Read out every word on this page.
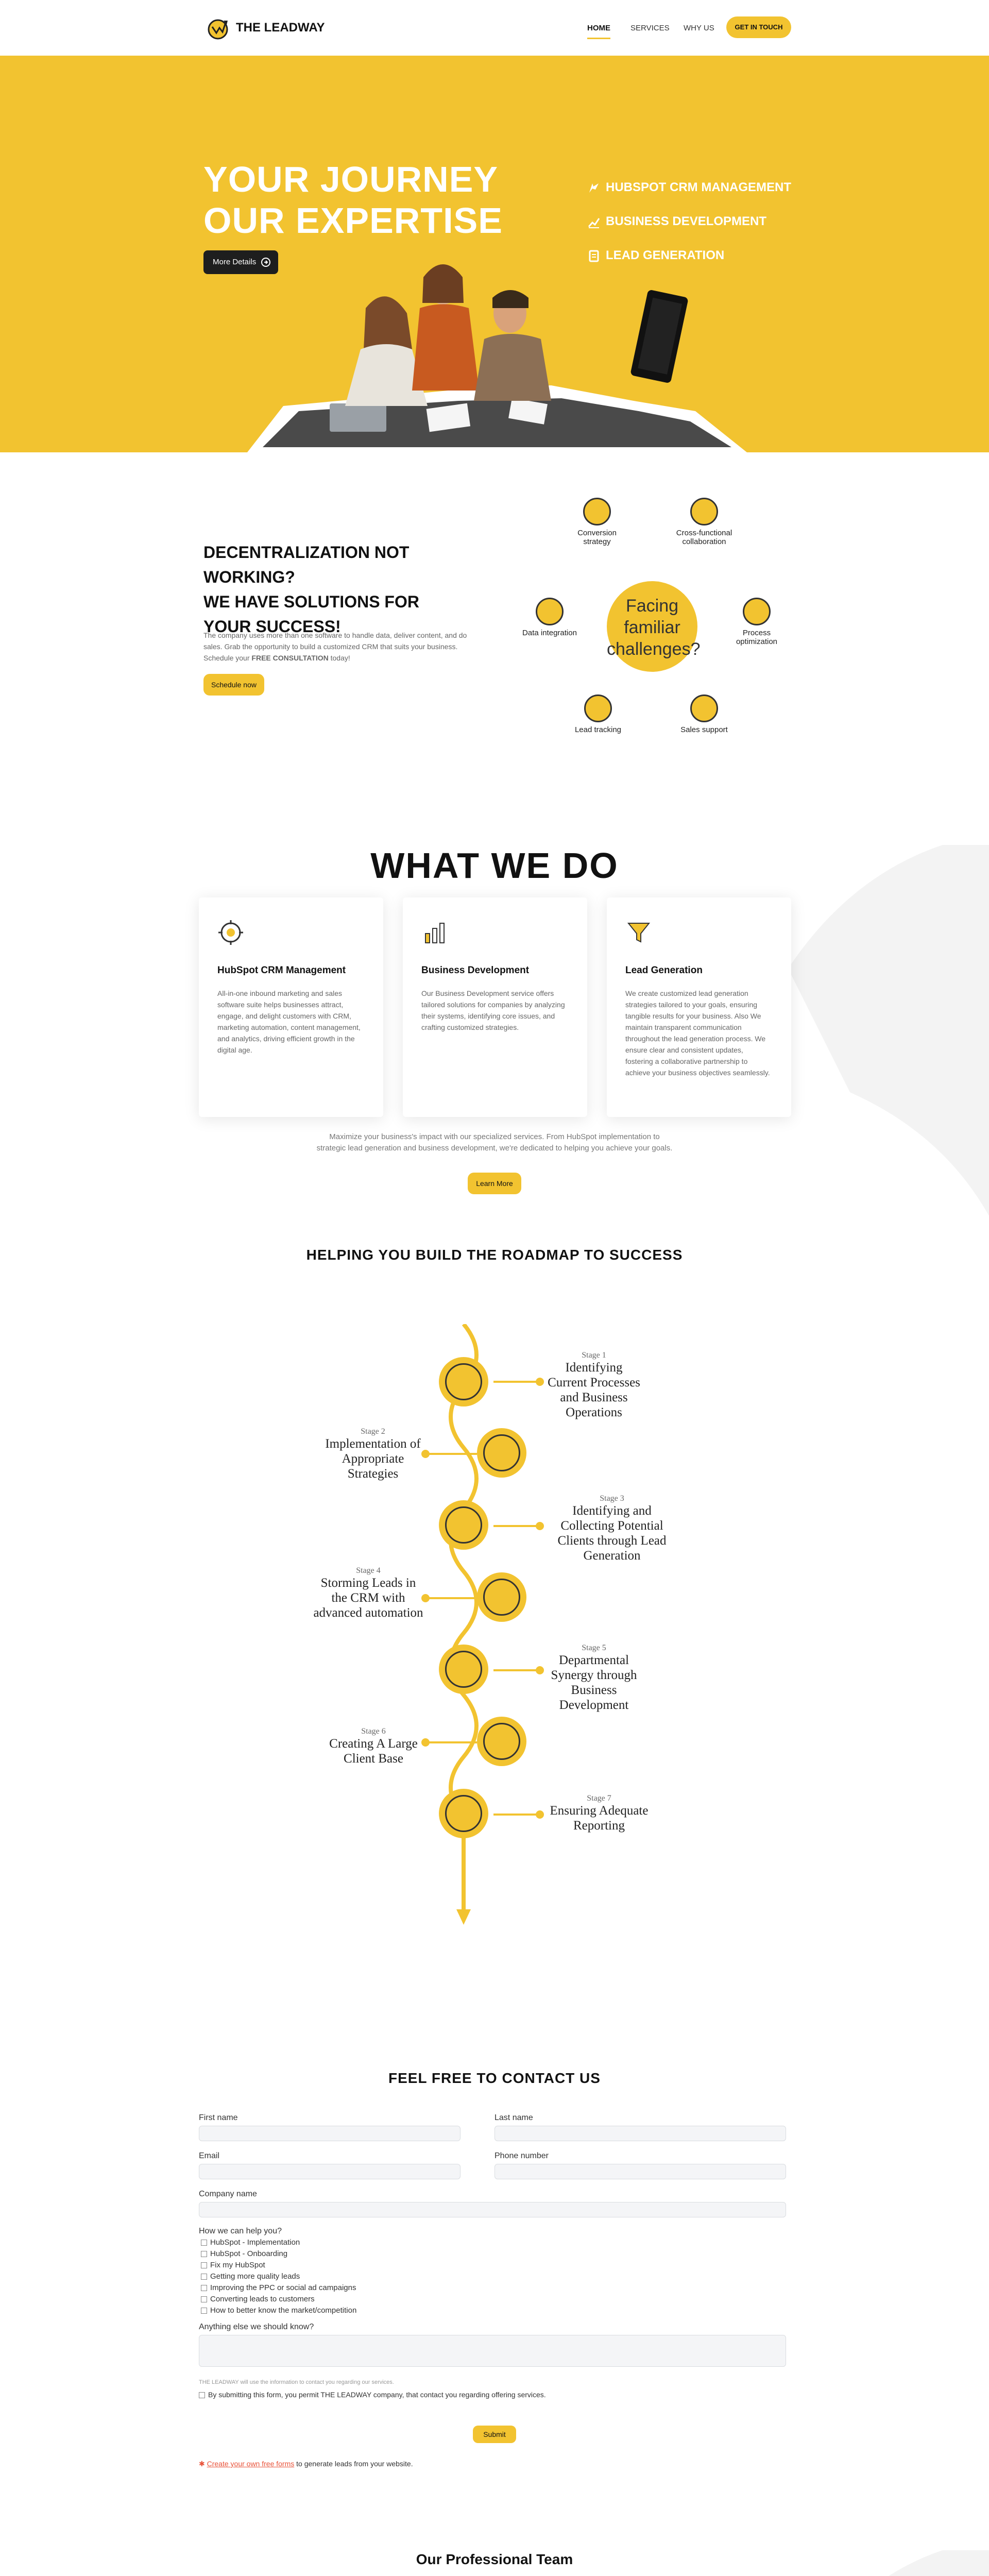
THE LEADWAY	HOME	SERVICES WHY US	GET IN TOUCH
YOUR JOURNEY
OUR EXPERTISE
More Details
HUBSPOT CRM MANAGEMENT
BUSINESS DEVELOPMENT
LEAD GENERATION
DECENTRALIZATION NOT
WORKING?
WE HAVE SOLUTIONS FOR
YOUR SUCCESS!
The company uses more than one software to handle data, deliver content, and do sales. Grab the opportunity to build a customized CRM that suits your business. Schedule your FREE CONSULTATION today!
Schedule now
Facing familiar challenges?
Conversion strategy
Cross-functional collaboration
Data integration	Process optimization
Lead tracking	Sales support
WHAT WE DO
HubSpot CRM Management

All-in-one inbound marketing and sales software suite helps businesses attract, engage, and delight customers with CRM, marketing automation, content management, and analytics, driving efficient growth in the digital age.

Business Development

Our Business Development service offers tailored solutions for companies by analyzing their systems, identifying core issues, and crafting customized strategies.

Lead Generation

We create customized lead generation strategies tailored to your goals, ensuring tangible results for your business. Also We maintain transparent communication throughout the lead generation process. We ensure clear and consistent updates, fostering a collaborative partnership to achieve your business objectives seamlessly.

Maximize your business's impact with our specialized services. From HubSpot implementation to
strategic lead generation and business development, we're dedicated to helping you achieve your goals.
Learn More
HELPING YOU BUILD THE ROADMAP TO SUCCESS
Stage 1
Identifying Current Processes and Business Operations
Stage 2
Implementation of Appropriate Strategies
Stage 3
Identifying and Collecting Potential Clients through Lead Generation
Stage 4
Storming Leads in the CRM with advanced automation
Stage 5
Departmental Synergy through Business Development
Stage 6
Creating A Large Client Base
Stage 7
Ensuring Adequate Reporting
FEEL FREE TO CONTACT US
First name	Last name
Email	Phone number
Company name
How we can help you?
HubSpot - Implementation
HubSpot - Onboarding
Fix my HubSpot
Getting more quality leads
Improving the PPC or social ad campaigns
Converting leads to customers
How to better know the market/competition
Anything else we should know?
THE LEADWAY will use the information to contact you regarding our services.
By submitting this form, you permit THE LEADWAY company, that contact you regarding offering services.
Submit
✱ Create your own free forms to generate leads from your website.
Our Professional Team
